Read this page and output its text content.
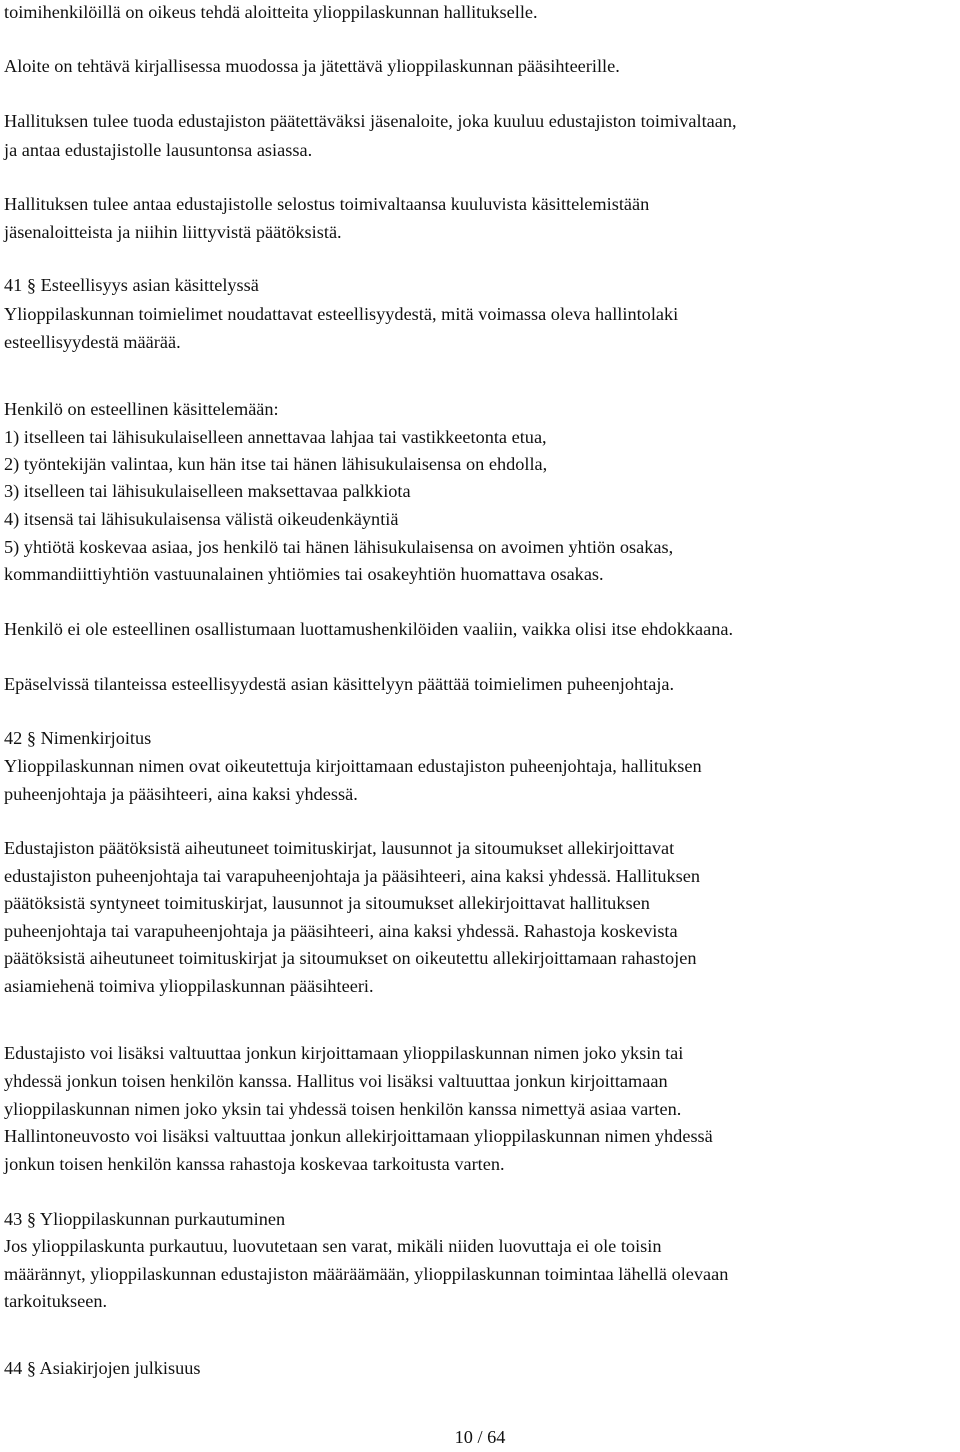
toimihenkilöillä on oikeus tehdä aloitteita ylioppilaskunnan hallitukselle.
Aloite on tehtävä kirjallisessa muodossa ja jätettävä ylioppilaskunnan pääsihteerille.
Hallituksen tulee tuoda edustajiston päätettäväksi jäsenaloite, joka kuuluu edustajiston toimivaltaan,
ja antaa edustajistolle lausuntonsa asiassa.
Hallituksen tulee antaa edustajistolle selostus toimivaltaansa kuuluvista käsittelemistään
jäsenaloitteista ja niihin liittyvistä päätöksistä.
41 § Esteellisyys asian käsittelyssä
Ylioppilaskunnan toimielimet noudattavat esteellisyydestä, mitä voimassa oleva hallintolaki
esteellisyydestä määrää.
Henkilö on esteellinen käsittelemään:
1) itselleen tai lähisukulaiselleen annettavaa lahjaa tai vastikkeetonta etua,
2) työntekijän valintaa, kun hän itse tai hänen lähisukulaisensa on ehdolla,
3) itselleen tai lähisukulaiselleen maksettavaa palkkiota
4) itsensä tai lähisukulaisensa välistä oikeudenkäyntiä
5) yhtiötä koskevaa asiaa, jos henkilö tai hänen lähisukulaisensa on avoimen yhtiön osakas,
kommandiittiyhtiön vastuunalainen yhtiömies tai osakeyhtiön huomattava osakas.
Henkilö ei ole esteellinen osallistumaan luottamushenkilöiden vaaliin, vaikka olisi itse ehdokkaana.
Epäselvissä tilanteissa esteellisyydestä asian käsittelyyn päättää toimielimen puheenjohtaja.
42 § Nimenkirjoitus
Ylioppilaskunnan nimen ovat oikeutettuja kirjoittamaan edustajiston puheenjohtaja, hallituksen
puheenjohtaja ja pääsihteeri, aina kaksi yhdessä.
Edustajiston päätöksistä aiheutuneet toimituskirjat, lausunnot ja sitoumukset allekirjoittavat
edustajiston puheenjohtaja tai varapuheenjohtaja ja pääsihteeri, aina kaksi yhdessä. Hallituksen
päätöksistä syntyneet toimituskirjat, lausunnot ja sitoumukset allekirjoittavat hallituksen
puheenjohtaja tai varapuheenjohtaja ja pääsihteeri, aina kaksi yhdessä. Rahastoja koskevista
päätöksistä aiheutuneet toimituskirjat ja sitoumukset on oikeutettu allekirjoittamaan rahastojen
asiamiehenä toimiva ylioppilaskunnan pääsihteeri.
Edustajisto voi lisäksi valtuuttaa jonkun kirjoittamaan ylioppilaskunnan nimen joko yksin tai
yhdessä jonkun toisen henkilön kanssa. Hallitus voi lisäksi valtuuttaa jonkun kirjoittamaan
ylioppilaskunnan nimen joko yksin tai yhdessä toisen henkilön kanssa nimettyä asiaa varten.
Hallintoneuvosto voi lisäksi valtuuttaa jonkun allekirjoittamaan ylioppilaskunnan nimen yhdessä
jonkun toisen henkilön kanssa rahastoja koskevaa tarkoitusta varten.
43 § Ylioppilaskunnan purkautuminen
Jos ylioppilaskunta purkautuu, luovutetaan sen varat, mikäli niiden luovuttaja ei ole toisin
määrännyt, ylioppilaskunnan edustajiston määräämään, ylioppilaskunnan toimintaa lähellä olevaan
tarkoitukseen.
44 § Asiakirjojen julkisuus
10 / 64
